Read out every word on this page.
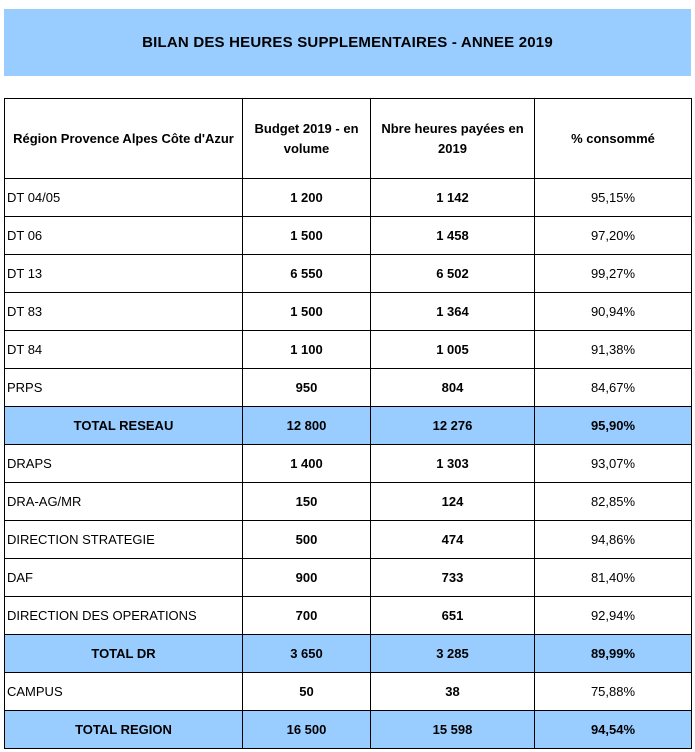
BILAN DES HEURES SUPPLEMENTAIRES - ANNEE 2019
Région Provence Alpes Côte d'Azur	Budget 2019 - en volume	Nbre heures payées en 2019	% consommé
DT 04/05	1 200	1 142	95,15%
DT 06	1 500	1 458	97,20%
DT 13	6 550	6 502	99,27%
DT 83	1 500	1 364	90,94%
DT 84	1 100	1 005	91,38%
PRPS	950	804	84,67%
TOTAL RESEAU	12 800	12 276	95,90%
DRAPS	1 400	1 303	93,07%
DRA-AG/MR	150	124	82,85%
DIRECTION STRATEGIE	500	474	94,86%
DAF	900	733	81,40%
DIRECTION DES OPERATIONS	700	651	92,94%
TOTAL DR	3 650	3 285	89,99%
CAMPUS	50	38	75,88%
TOTAL REGION	16 500	15 598	94,54%
